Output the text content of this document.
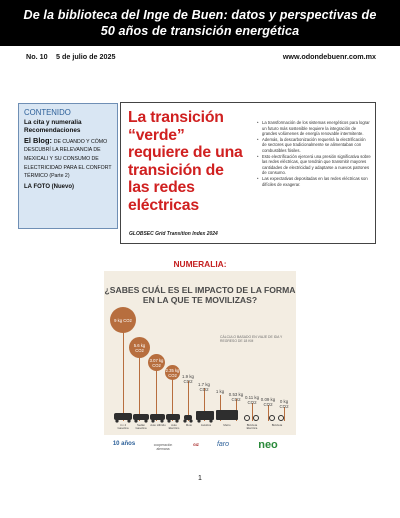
De la biblioteca del Inge de Buen: datos y perspectivas de
50 años de transición energética
No. 10	5 de julio de 2025	www.odondebuenr.com.mx
CONTENIDO
La cita y numeralia
Recomendaciones
El Blog: DE CUANDO Y CÓMO DESCUBRÍ LA RELEVANCIA DE MEXICALI Y SU CONSUMO DE ELECTRICIDAD PARA EL CONFORT TÉRMICO (Parte 2)
LA FOTO (Nuevo)
La transición “verde” requiere de una transición de las redes eléctricas
GLOBSEC Grid Transition Index 2024
• La transformación de los sistemas energéticos para lograr un futuro más sostenible requiere la integración de grandes volúmenes de energía renovable intermitente.
• Además, la descarbonización requerirá la electrificación de sectores que tradicionalmente se alimentaban con combustibles fósiles.
• Esto electrificación ejercerá una presión significativa sobre las redes eléctricas, que tendrán que transmitir mayores cantidades de electricidad y adaptarse a nuevos patrones de consumo.
• Las expectativas depositadas en las redes eléctricas son difíciles de exagerar.
NUMERALIA:
¿SABES CUÁL ES EL IMPACTO DE LA FORMA EN LA QUE TE MOVILIZAS?
CÁLCULO BASADO EN VIAJE DE IDA Y REGRESO DE 18 KM
9 kg CO2
5.6 kg CO2
3.07 kg CO2
2.35 kg CO2	1.9 kg CO2
1.7 kg CO2	1 kg
0.53 kg CO2	0.11 kg CO2
0.09 kg CO2
0 kg CO2
4 x 4 Gasolina
Sedán Gasolina
Auto Híbrido	Auto Eléctrico
Moto	Autobús	Metro	Bicicleta Eléctrica
Bicicleta
10 años	cooperación alemana
GIZ	faro	neo
1
